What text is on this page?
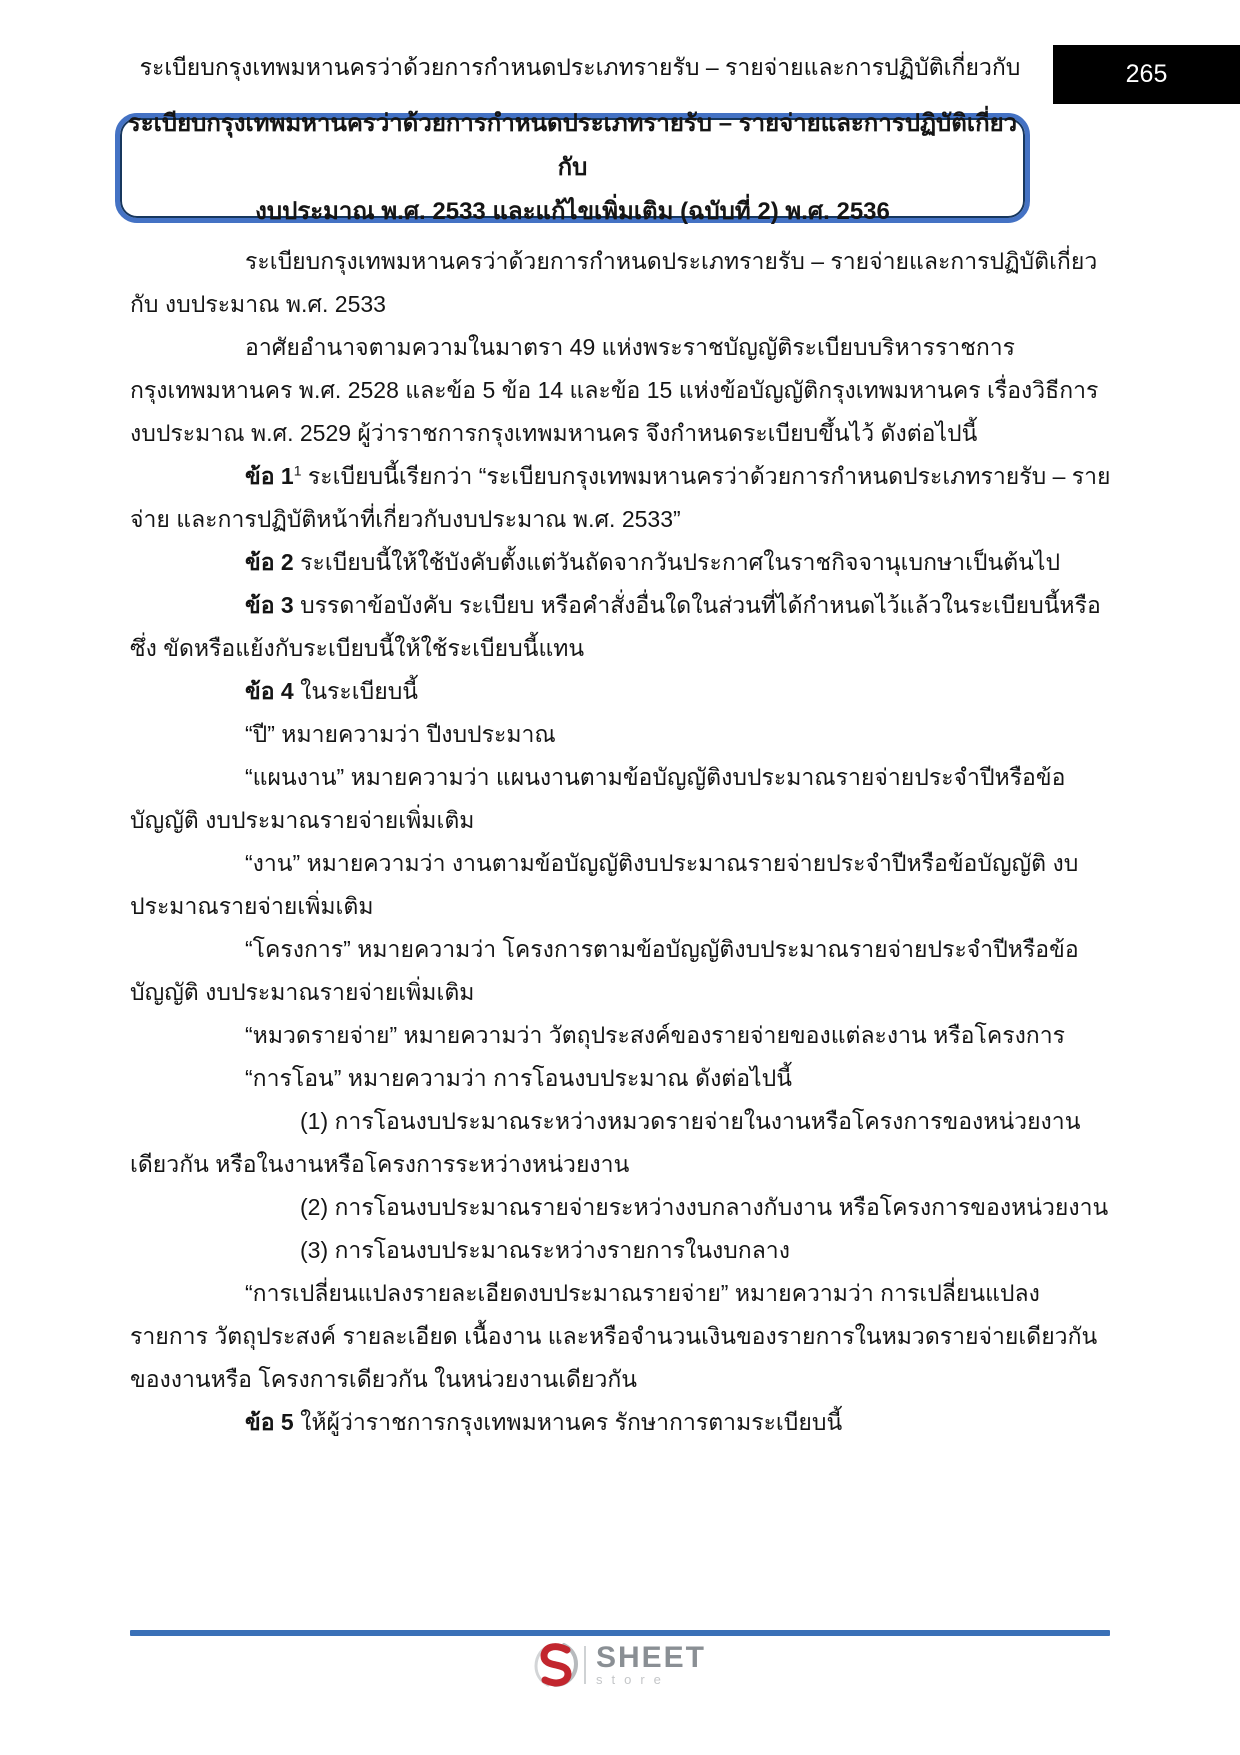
ระเบียบกรุงเทพมหานครว่าด้วยการกำหนดประเภทรายรับ – รายจ่ายและการปฏิบัติเกี่ยวกับ	265
ระเบียบกรุงเทพมหานครว่าด้วยการกำหนดประเภทรายรับ – รายจ่ายและการปฏิบัติเกี่ยวกับ
งบประมาณ พ.ศ. 2533 และแก้ไขเพิ่มเติม (ฉบับที่ 2) พ.ศ. 2536

ระเบียบกรุงเทพมหานครว่าด้วยการกำหนดประเภทรายรับ – รายจ่ายและการปฏิบัติเกี่ยวกับ งบประมาณ พ.ศ. 2533

อาศัยอำนาจตามความในมาตรา 49 แห่งพระราชบัญญัติระเบียบบริหารราชการ กรุงเทพมหานคร พ.ศ. 2528 และข้อ 5 ข้อ 14 และข้อ 15 แห่งข้อบัญญัติกรุงเทพมหานคร เรื่องวิธีการ งบประมาณ พ.ศ. 2529 ผู้ว่าราชการกรุงเทพมหานคร จึงกำหนดระเบียบขึ้นไว้ ดังต่อไปนี้

ข้อ $1^1$ ระเบียบนี้เรียกว่า “ระเบียบกรุงเทพมหานครว่าด้วยการกำหนดประเภทรายรับ – รายจ่าย และการปฏิบัติหน้าที่เกี่ยวกับงบประมาณ พ.ศ. 2533”

ข้อ 2 ระเบียบนี้ให้ใช้บังคับตั้งแต่วันถัดจากวันประกาศในราชกิจจานุเบกษาเป็นต้นไป

ข้อ 3 บรรดาข้อบังคับ ระเบียบ หรือคำสั่งอื่นใดในส่วนที่ได้กำหนดไว้แล้วในระเบียบนี้หรือซึ่ง ขัดหรือแย้งกับระเบียบนี้ให้ใช้ระเบียบนี้แทน

ข้อ 4 ในระเบียบนี้

“ปี” หมายความว่า ปีงบประมาณ

“แผนงาน” หมายความว่า แผนงานตามข้อบัญญัติงบประมาณรายจ่ายประจำปีหรือข้อบัญญัติ งบประมาณรายจ่ายเพิ่มเติม

“งาน” หมายความว่า งานตามข้อบัญญัติงบประมาณรายจ่ายประจำปีหรือข้อบัญญัติ งบประมาณรายจ่ายเพิ่มเติม

“โครงการ” หมายความว่า โครงการตามข้อบัญญัติงบประมาณรายจ่ายประจำปีหรือข้อบัญญัติ งบประมาณรายจ่ายเพิ่มเติม

“หมวดรายจ่าย” หมายความว่า วัตถุประสงค์ของรายจ่ายของแต่ละงาน หรือโครงการ

“การโอน” หมายความว่า การโอนงบประมาณ ดังต่อไปนี้

(1) การโอนงบประมาณระหว่างหมวดรายจ่ายในงานหรือโครงการของหน่วยงาน เดียวกัน หรือในงานหรือโครงการระหว่างหน่วยงาน

(2) การโอนงบประมาณรายจ่ายระหว่างงบกลางกับงาน หรือโครงการของหน่วยงาน

(3) การโอนงบประมาณระหว่างรายการในงบกลาง

“การเปลี่ยนแปลงรายละเอียดงบประมาณรายจ่าย” หมายความว่า การเปลี่ยนแปลงรายการ วัตถุประสงค์ รายละเอียด เนื้องาน และหรือจำนวนเงินของรายการในหมวดรายจ่ายเดียวกันของงานหรือ โครงการเดียวกัน ในหน่วยงานเดียวกัน

ข้อ 5 ให้ผู้ว่าราชการกรุงเทพมหานคร รักษาการตามระเบียบนี้

SHEET
store
